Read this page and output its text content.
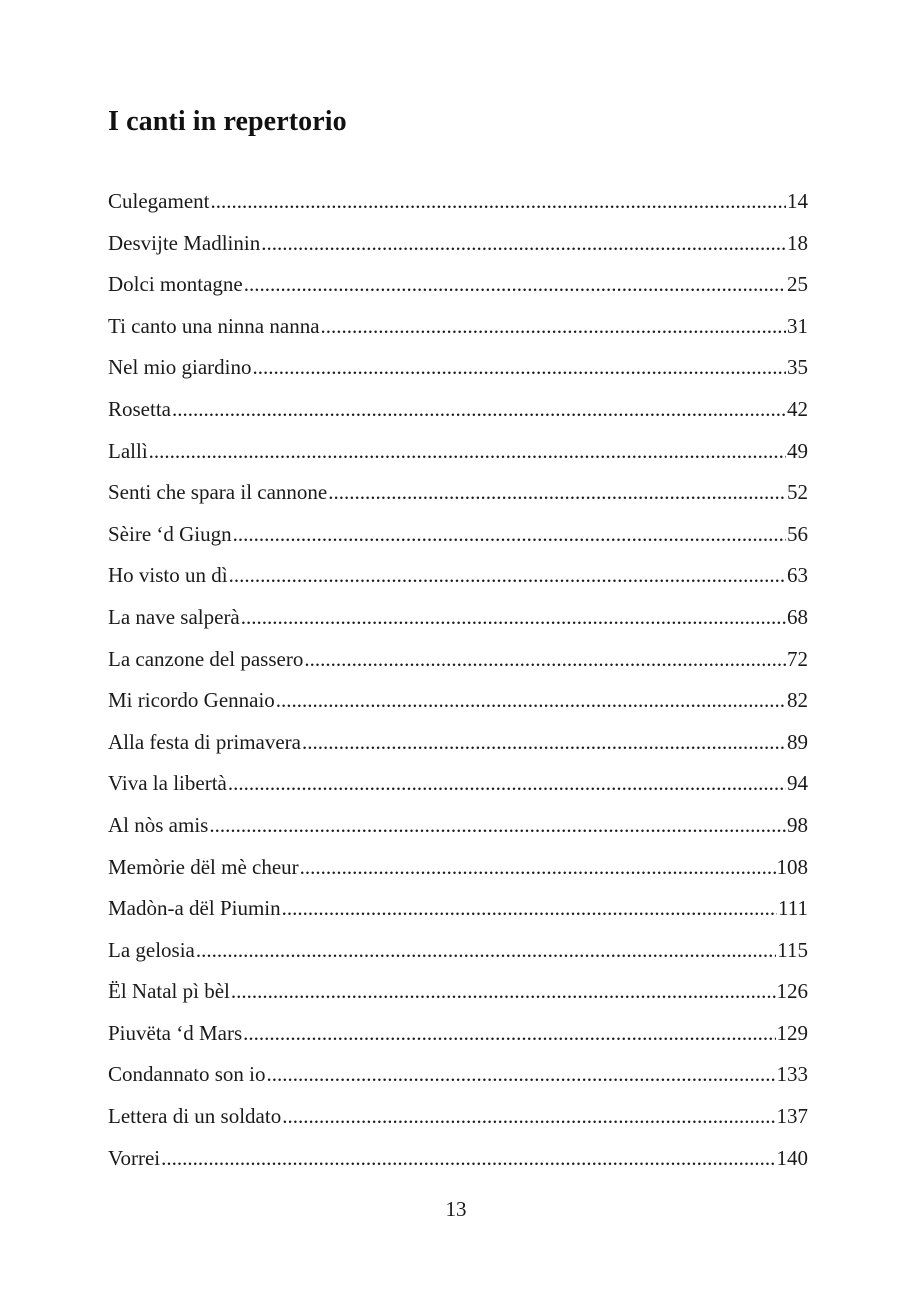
I canti in repertorio
Culegament .....	14
Desvijte Madlinin .....	18
Dolci montagne .....	25
Ti canto una ninna nanna .....	31
Nel mio giardino .....	35
Rosetta .....	42
Lallì .....	49
Senti che spara il cannone .....	52
Sèire ‘d Giugn .....	56
Ho visto un dì .....	63
La nave salperà .....	68
La canzone del passero .....	72
Mi ricordo Gennaio .....	82
Alla festa di primavera .....	89
Viva la libertà .....	94
Al nòs amis .....	98
Memòrie dël mè cheur .....	108
Madòn-a dël Piumin .....	111
La gelosia .....	115
Ël Natal pì bèl .....	126
Piuvëta ‘d Mars .....	129
Condannato son io .....	133
Lettera di un soldato .....	137
Vorrei .....	140
13
